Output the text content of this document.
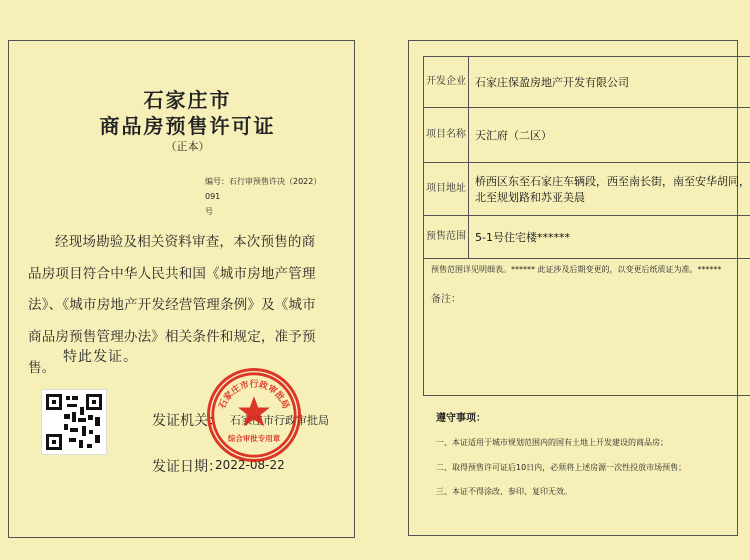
石家庄市
商品房预售许可证
（正本）
编号：石行审预售许决（2022）091
号
经现场勘验及相关资料审查，本次预售的商品房项目符合中华人民共和国《城市房地产管理法》、《城市房地产开发经营管理条例》及《城市商品房预售管理办法》相关条件和规定，准予预售。
特此发证。
发证机关： 石家庄市行政审批局
发证日期：
2022-08-22
石家庄市行政审批局
综合审批专用章
开发企业	石家庄保盈房地产开发有限公司
项目名称	天汇府（二区）
项目地址	桥西区东至石家庄车辆段，西至南长街，南至安华胡同，北至规划路和苏亚美晨
预售范围	5-1号住宅楼******

预售范围详见明细表。****** 此证涉及后期变更的，以变更后纸质证为准。******
备注：	
遵守事项：
一、本证适用于城市规划范围内的国有土地上开发建设的商品房；
二、取得预售许可证后10日内，必须将上述房源一次性投放市场预售；
三、本证不得涂改、参印、复印无效。
